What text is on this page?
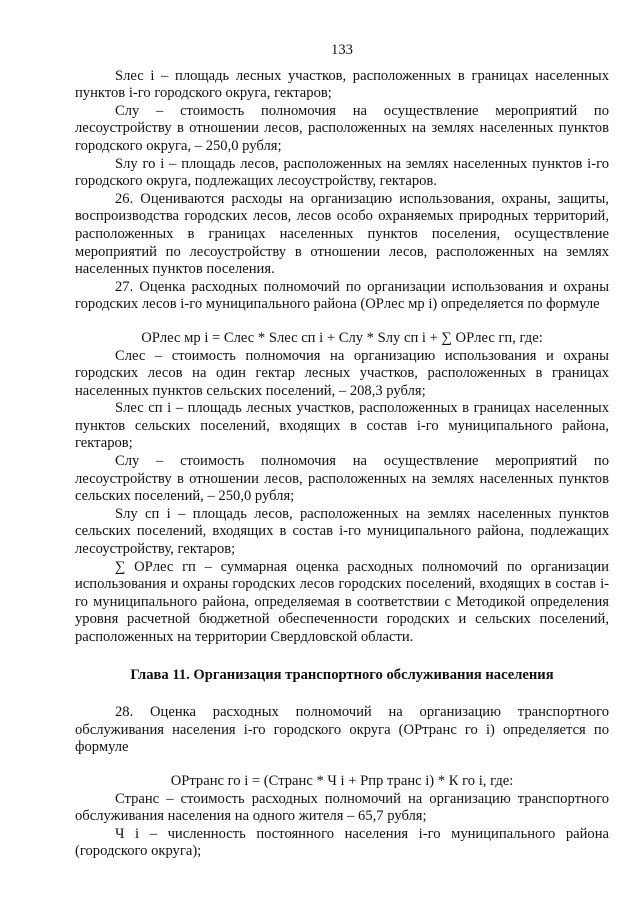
133

Sлес i – площадь лесных участков, расположенных в границах населенных пунктов i-го городского округа, гектаров;

Слу – стоимость полномочия на осуществление мероприятий по лесоустройству в отношении лесов, расположенных на землях населенных пунктов городского округа, – 250,0 рубля;

Sлу го i – площадь лесов, расположенных на землях населенных пунктов i-го городского округа, подлежащих лесоустройству, гектаров.

26. Оцениваются расходы на организацию использования, охраны, защиты, воспроизводства городских лесов, лесов особо охраняемых природных территорий, расположенных в границах населенных пунктов поселения, осуществление мероприятий по лесоустройству в отношении лесов, расположенных на землях населенных пунктов поселения.

27. Оценка расходных полномочий по организации использования и охраны городских лесов i-го муниципального района (ОРлес мр i) определяется по формуле

ОРлес мр i = Слес * Sлес сп i + Слу * Sлу сп i + ∑ ОРлес гп, где:

Слес – стоимость полномочия на организацию использования и охраны городских лесов на один гектар лесных участков, расположенных в границах населенных пунктов сельских поселений, – 208,3 рубля;

Sлес сп i – площадь лесных участков, расположенных в границах населенных пунктов сельских поселений, входящих в состав i-го муниципального района, гектаров;

Слу – стоимость полномочия на осуществление мероприятий по лесоустройству в отношении лесов, расположенных на землях населенных пунктов сельских поселений, – 250,0 рубля;

Sлу сп i – площадь лесов, расположенных на землях населенных пунктов сельских поселений, входящих в состав i-го муниципального района, подлежащих лесоустройству, гектаров;

∑ ОРлес гп – суммарная оценка расходных полномочий по организации использования и охраны городских лесов городских поселений, входящих в состав i-го муниципального района, определяемая в соответствии с Методикой определения уровня расчетной бюджетной обеспеченности городских и сельских поселений, расположенных на территории Свердловской области.

Глава 11. Организация транспортного обслуживания населения

28. Оценка расходных полномочий на организацию транспортного обслуживания населения i-го городского округа (ОРтранс го i) определяется по формуле

ОРтранс го i = (Странс * Ч i + Рпр транс i) * К го i, где:

Странс – стоимость расходных полномочий на организацию транспортного обслуживания населения на одного жителя – 65,7 рубля;

Ч i – численность постоянного населения i-го муниципального района (городского округа);
